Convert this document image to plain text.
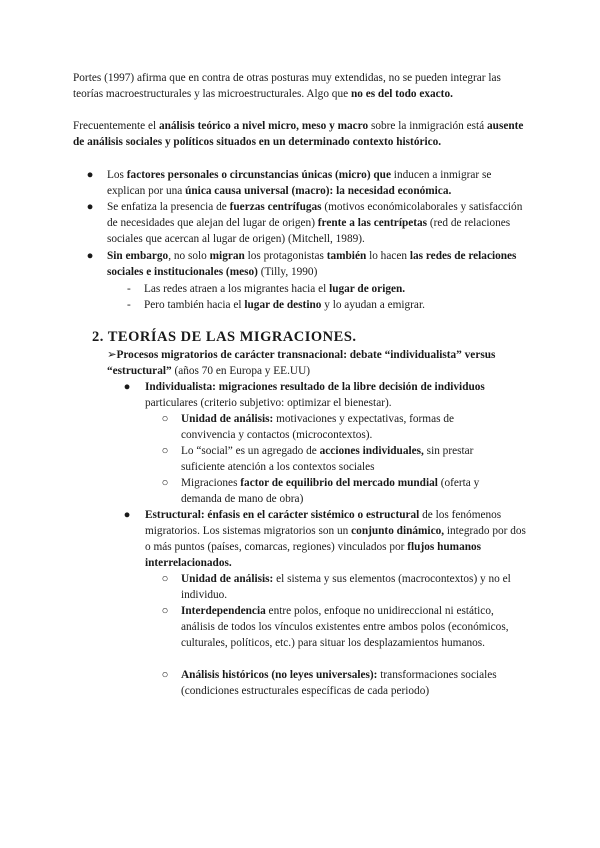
Portes (1997) afirma que en contra de otras posturas muy extendidas, no se pueden integrar las teorías macroestructurales y las microestructurales. Algo que no es del todo exacto.

Frecuentemente el análisis teórico a nivel micro, meso y macro sobre la inmigración está ausente de análisis sociales y políticos situados en un determinado contexto histórico.

● Los factores personales o circunstancias únicas (micro) que inducen a inmigrar se explican por una única causa universal (macro): la necesidad económica.

● Se enfatiza la presencia de fuerzas centrífugas (motivos económicolaborales y satisfacción de necesidades que alejan del lugar de origen) frente a las centrípetas (red de relaciones sociales que acercan al lugar de origen) (Mitchell, 1989).

● Sin embargo, no solo migran los protagonistas también lo hacen las redes de relaciones sociales e institucionales (meso) (Tilly, 1990)

- Las redes atraen a los migrantes hacia el lugar de origen.

- Pero también hacia el lugar de destino y lo ayudan a emigrar.

2. TEORÍAS DE LAS MIGRACIONES.

➢Procesos migratorios de carácter transnacional: debate “individualista” versus “estructural” (años 70 en Europa y EE.UU)

● Individualista: migraciones resultado de la libre decisión de individuos particulares (criterio subjetivo: optimizar el bienestar).

○ Unidad de análisis: motivaciones y expectativas, formas de convivencia y contactos (microcontextos).

○ Lo “social” es un agregado de acciones individuales, sin prestar suficiente atención a los contextos sociales

○ Migraciones factor de equilibrio del mercado mundial (oferta y demanda de mano de obra)

● Estructural: énfasis en el carácter sistémico o estructural de los fenómenos migratorios. Los sistemas migratorios son un conjunto dinámico, integrado por dos o más puntos (países, comarcas, regiones) vinculados por flujos humanos interrelacionados.

○ Unidad de análisis: el sistema y sus elementos (macrocontextos) y no el individuo.

○ Interdependencia entre polos, enfoque no unidireccional ni estático, análisis de todos los vínculos existentes entre ambos polos (económicos, culturales, políticos, etc.) para situar los desplazamientos humanos.

○ Análisis históricos (no leyes universales): transformaciones sociales (condiciones estructurales específicas de cada periodo)
